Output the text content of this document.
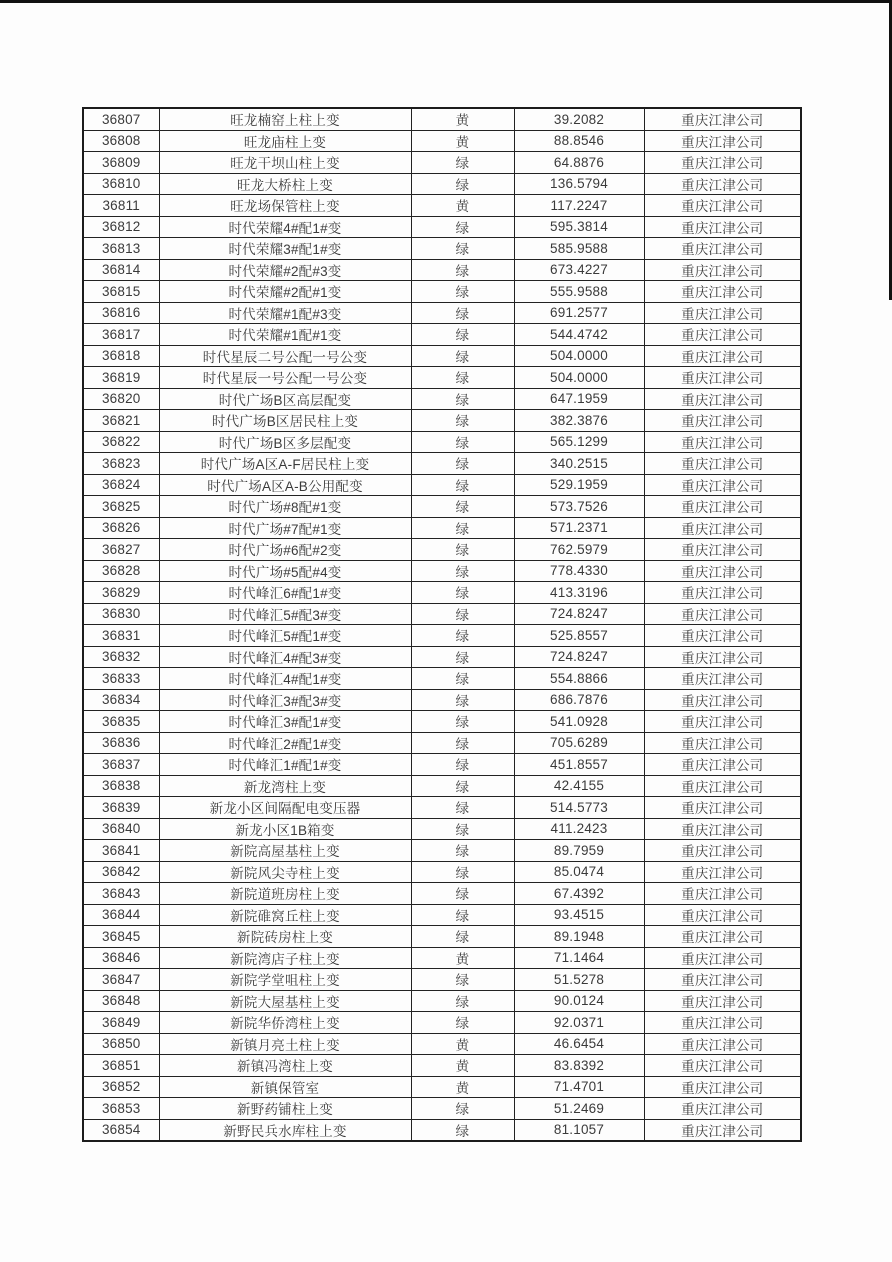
36807	旺龙楠窑上柱上变	黄	39.2082	重庆江津公司
36808	旺龙庙柱上变	黄	88.8546	重庆江津公司
36809	旺龙干坝山柱上变	绿	64.8876	重庆江津公司
36810	旺龙大桥柱上变	绿	136.5794	重庆江津公司
36811	旺龙场保管柱上变	黄	117.2247	重庆江津公司
36812	时代荣耀4#配1#变	绿	595.3814	重庆江津公司
36813	时代荣耀3#配1#变	绿	585.9588	重庆江津公司
36814	时代荣耀#2配#3变	绿	673.4227	重庆江津公司
36815	时代荣耀#2配#1变	绿	555.9588	重庆江津公司
36816	时代荣耀#1配#3变	绿	691.2577	重庆江津公司
36817	时代荣耀#1配#1变	绿	544.4742	重庆江津公司
36818	时代星辰二号公配一号公变	绿	504.0000	重庆江津公司
36819	时代星辰一号公配一号公变	绿	504.0000	重庆江津公司
36820	时代广场B区高层配变	绿	647.1959	重庆江津公司
36821	时代广场B区居民柱上变	绿	382.3876	重庆江津公司
36822	时代广场B区多层配变	绿	565.1299	重庆江津公司
36823	时代广场A区A-F居民柱上变	绿	340.2515	重庆江津公司
36824	时代广场A区A-B公用配变	绿	529.1959	重庆江津公司
36825	时代广场#8配#1变	绿	573.7526	重庆江津公司
36826	时代广场#7配#1变	绿	571.2371	重庆江津公司
36827	时代广场#6配#2变	绿	762.5979	重庆江津公司
36828	时代广场#5配#4变	绿	778.4330	重庆江津公司
36829	时代峰汇6#配1#变	绿	413.3196	重庆江津公司
36830	时代峰汇5#配3#变	绿	724.8247	重庆江津公司
36831	时代峰汇5#配1#变	绿	525.8557	重庆江津公司
36832	时代峰汇4#配3#变	绿	724.8247	重庆江津公司
36833	时代峰汇4#配1#变	绿	554.8866	重庆江津公司
36834	时代峰汇3#配3#变	绿	686.7876	重庆江津公司
36835	时代峰汇3#配1#变	绿	541.0928	重庆江津公司
36836	时代峰汇2#配1#变	绿	705.6289	重庆江津公司
36837	时代峰汇1#配1#变	绿	451.8557	重庆江津公司
36838	新龙湾柱上变	绿	42.4155	重庆江津公司
36839	新龙小区间隔配电变压器	绿	514.5773	重庆江津公司
36840	新龙小区1B箱变	绿	411.2423	重庆江津公司
36841	新院高屋基柱上变	绿	89.7959	重庆江津公司
36842	新院风尖寺柱上变	绿	85.0474	重庆江津公司
36843	新院道班房柱上变	绿	67.4392	重庆江津公司
36844	新院碓窝丘柱上变	绿	93.4515	重庆江津公司
36845	新院砖房柱上变	绿	89.1948	重庆江津公司
36846	新院湾店子柱上变	黄	71.1464	重庆江津公司
36847	新院学堂咀柱上变	绿	51.5278	重庆江津公司
36848	新院大屋基柱上变	绿	90.0124	重庆江津公司
36849	新院华侨湾柱上变	绿	92.0371	重庆江津公司
36850	新镇月亮土柱上变	黄	46.6454	重庆江津公司
36851	新镇冯湾柱上变	黄	83.8392	重庆江津公司
36852	新镇保管室	黄	71.4701	重庆江津公司
36853	新野药铺柱上变	绿	51.2469	重庆江津公司
36854	新野民兵水库柱上变	绿	81.1057	重庆江津公司
